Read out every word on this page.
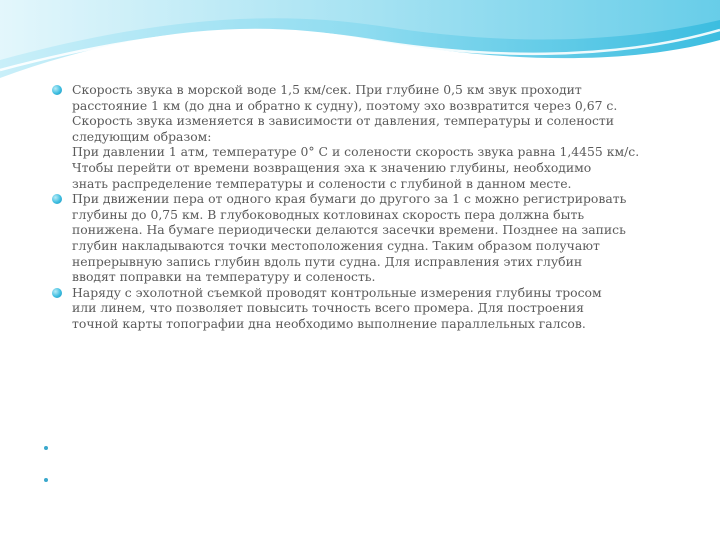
Скорость звука в морской воде 1,5 км/сек. При глубине 0,5 км звук проходит
расстояние 1 км (до дна и обратно к судну), поэтому эхо возвратится через 0,67 с.
Скорость звука изменяется в зависимости от давления, температуры и солености
следующим образом:
При давлении 1 атм, температуре 0° С и солености скорость звука равна 1,4455 км/с.
Чтобы перейти от времени возвращения эха к значению глубины, необходимо
знать распределение температуры и солености с глубиной в данном месте.
При движении пера от одного края бумаги до другого за 1 с можно регистрировать
глубины до 0,75 км. В глубоководных котловинах скорость пера должна быть
понижена. На бумаге периодически делаются засечки времени. Позднее на запись
глубин накладываются точки местоположения судна. Таким образом получают
непрерывную запись глубин вдоль пути судна. Для исправления этих глубин
вводят поправки на температуру и соленость.
Наряду с эхолотной съемкой проводят контрольные измерения глубины тросом
или линем, что позволяет повысить точность всего промера. Для построения
точной карты топографии дна необходимо выполнение параллельных галсов.
